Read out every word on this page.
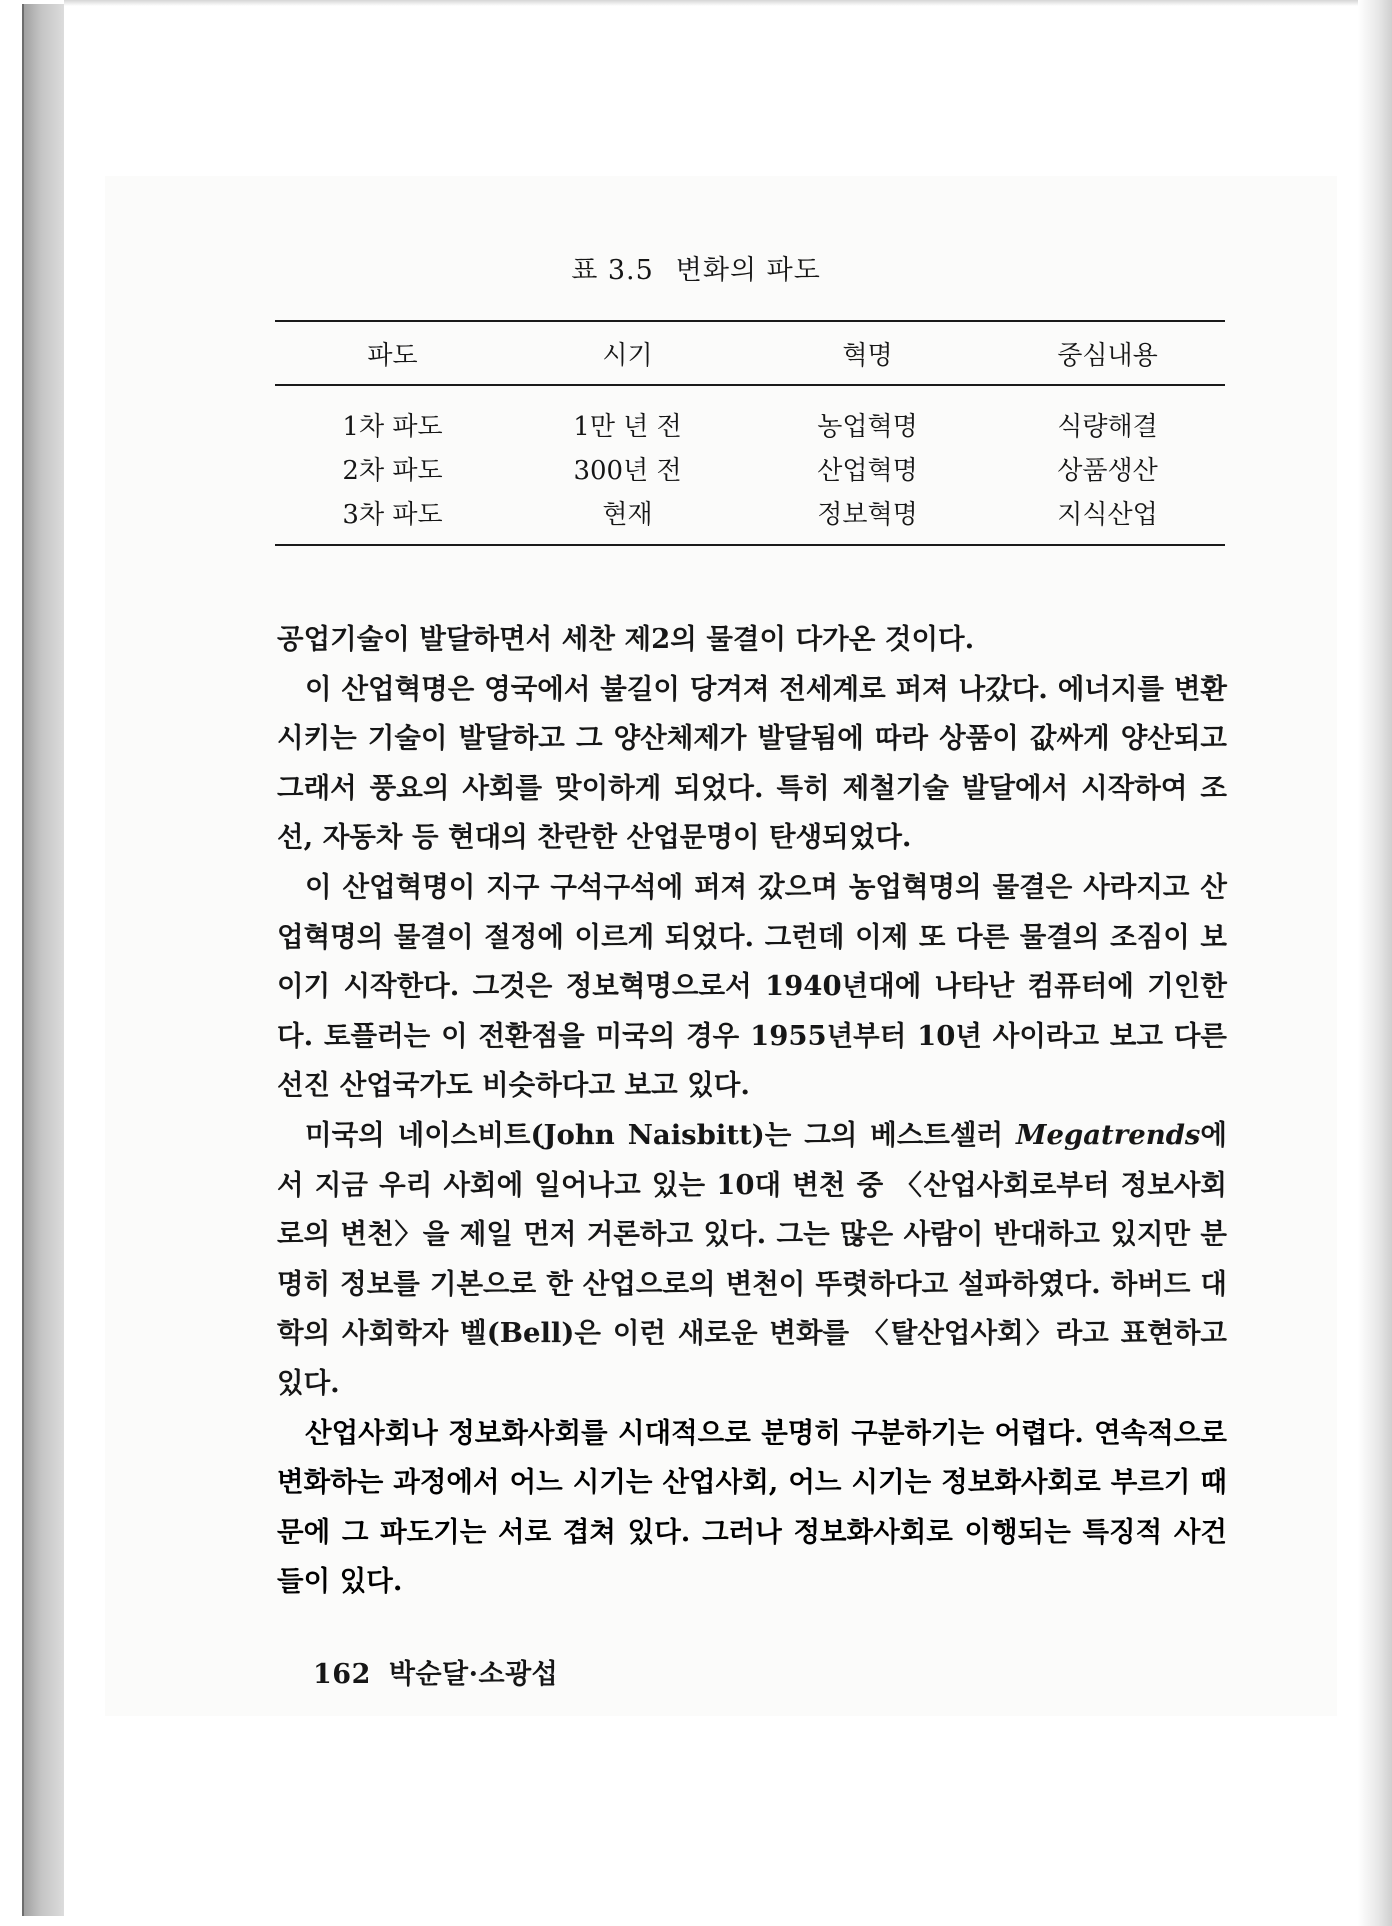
표 3.5 변화의 파도
파도	시기	혁명	중심내용
1차 파도	1만 년 전	농업혁명	식량해결
2차 파도	300년 전	산업혁명	상품생산
3차 파도	현재	정보혁명	지식산업

공업기술이 발달하면서 세찬 제2의 물결이 다가온 것이다.

이 산업혁명은 영국에서 불길이 당겨져 전세계로 퍼져 나갔다. 에너지를 변환시키는 기술이 발달하고 그 양산체제가 발달됨에 따라 상품이 값싸게 양산되고 그래서 풍요의 사회를 맞이하게 되었다. 특히 제철기술 발달에서 시작하여 조선, 자동차 등 현대의 찬란한 산업문명이 탄생되었다.

이 산업혁명이 지구 구석구석에 퍼져 갔으며 농업혁명의 물결은 사라지고 산업혁명의 물결이 절정에 이르게 되었다. 그런데 이제 또 다른 물결의 조짐이 보이기 시작한다. 그것은 정보혁명으로서 1940년대에 나타난 컴퓨터에 기인한다. 토플러는 이 전환점을 미국의 경우 1955년부터 10년 사이라고 보고 다른 선진 산업국가도 비슷하다고 보고 있다.

미국의 네이스비트(John Naisbitt)는 그의 베스트셀러 Megatrends에서 지금 우리 사회에 일어나고 있는 10대 변천 중 〈산업사회로부터 정보사회로의 변천〉을 제일 먼저 거론하고 있다. 그는 많은 사람이 반대하고 있지만 분명히 정보를 기본으로 한 산업으로의 변천이 뚜렷하다고 설파하였다. 하버드 대학의 사회학자 벨(Bell)은 이런 새로운 변화를 〈탈산업사회〉라고 표현하고 있다.

산업사회나 정보화사회를 시대적으로 분명히 구분하기는 어렵다. 연속적으로 변화하는 과정에서 어느 시기는 산업사회, 어느 시기는 정보화사회로 부르기 때문에 그 파도기는 서로 겹쳐 있다. 그러나 정보화사회로 이행되는 특징적 사건들이 있다.

162 박순달·소광섭
